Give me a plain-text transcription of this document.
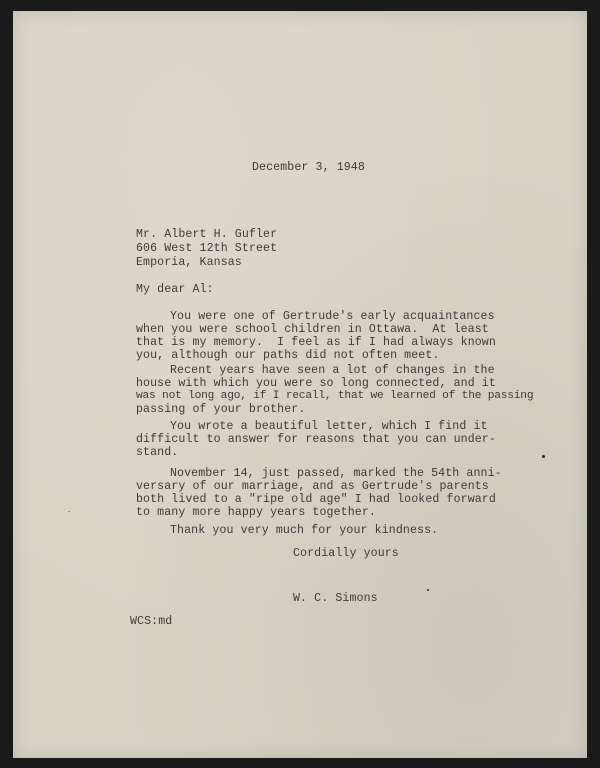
December 3, 1948
Mr. Albert H. Gufler
606 West 12th Street
Emporia, Kansas
My dear Al:
You were one of Gertrude's early acquaintances
when you were school children in Ottawa.  At least
that is my memory.  I feel as if I had always known
you, although our paths did not often meet.
Recent years have seen a lot of changes in the
house with which you were so long connected, and it
was not long ago, if I recall, that we learned of the passing
passing of your brother.
You wrote a beautiful letter, which I find it
difficult to answer for reasons that you can under-
stand.
November 14, just passed, marked the 54th anni-
versary of our marriage, and as Gertrude's parents
both lived to a "ripe old age" I had looked forward
to many more happy years together.
Thank you very much for your kindness.
Cordially yours
W. C. Simons
WCS:md
